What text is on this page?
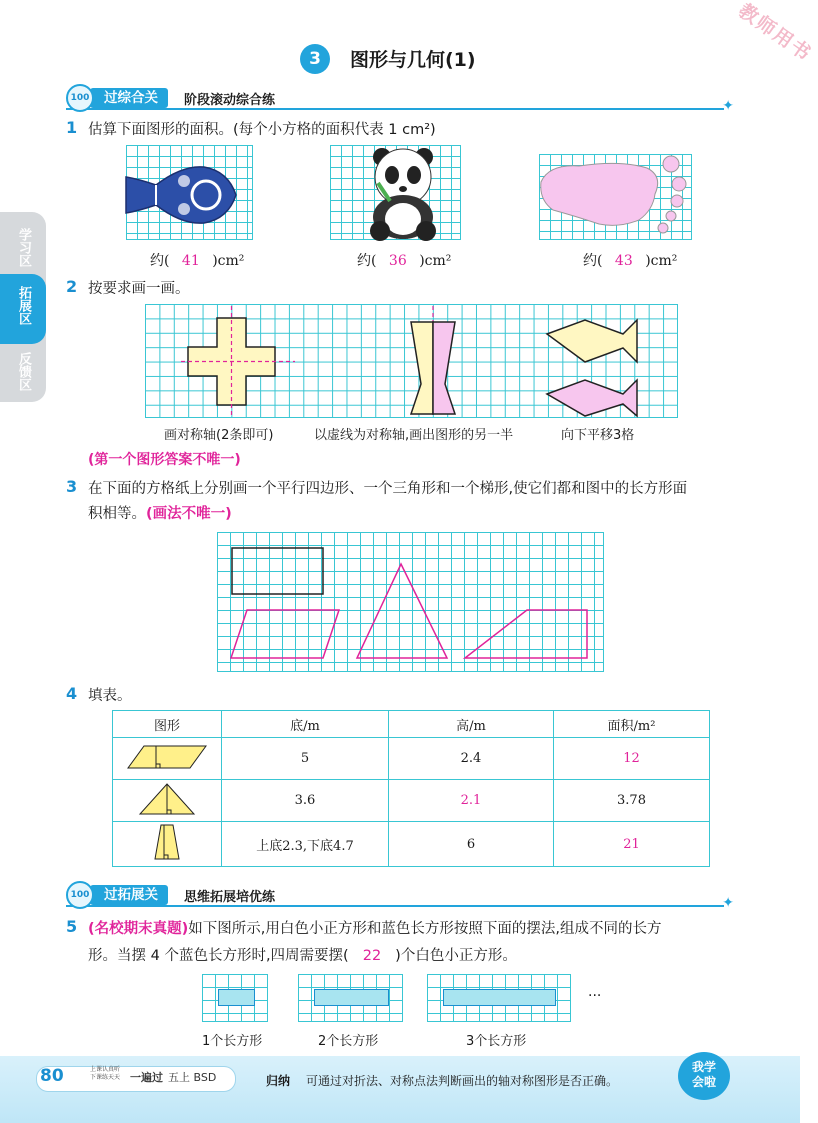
教师用书
3	图形与几何(1)
学习区
拓展区
反馈区
过综合关
100	阶段滚动综合练	✦
1 估算下面图形的面积。(每个小方格的面积代表 1 cm²)
约( 41 )cm²	约( 36 )cm²	约( 43 )cm²
2 按要求画一画。
画对称轴(2条即可)	以虚线为对称轴,画出图形的另一半	向下平移3格
(第一个图形答案不唯一)
3 在下面的方格纸上分别画一个平行四边形、一个三角形和一个梯形,使它们都和图中的长方形面
积相等。(画法不唯一)
4 填表。
图形	底/m	高/m	面积/m²
	5	2.4	12
	3.6	2.1	3.78
	上底2.3,下底4.7	6	21
过拓展关
100	思维拓展培优练	✦
5 (名校期末真题)如下图所示,用白色小正方形和蓝色长方形按照下面的摆法,组成不同的长方
形。当摆 4 个蓝色长方形时,四周需要摆( 22 )个白色小正方形。
...
1个长方形	2个长方形	3个长方形
80	上课认真听
下课练天天 一遍过 五上 BSD	归纳 可通过对折法、对称点法判断画出的轴对称图形是否正确。
我学会啦
